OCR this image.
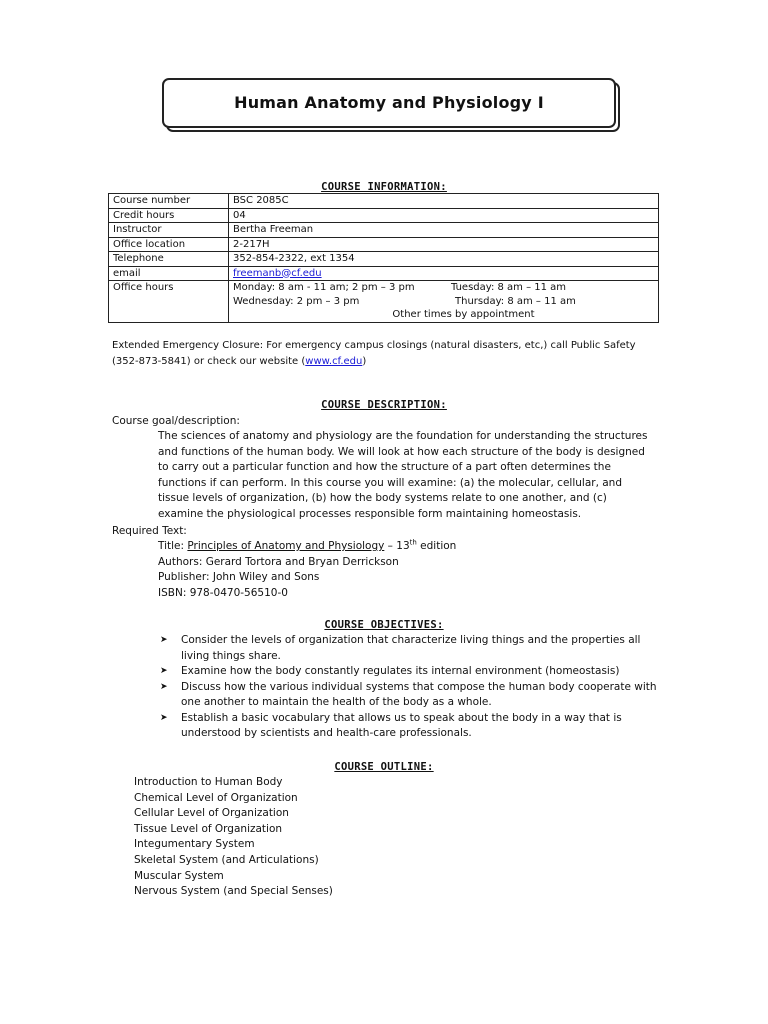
Human Anatomy and Physiology I
COURSE INFORMATION:
Course number	BSC 2085C
Credit hours	04
Instructor	Bertha Freeman
Office location	2-217H
Telephone	352-854-2322, ext 1354
email	freemanb@cf.edu
Office hours	Monday: 8 am - 11 am; 2 pm – 3 pm Tuesday: 8 am – 11 am
Wednesday: 2 pm – 3 pm Thursday: 8 am – 11 am
Other times by appointment
Extended Emergency Closure: For emergency campus closings (natural disasters, etc,) call Public Safety (352-873-5841) or check our website (www.cf.edu)
COURSE DESCRIPTION:
Course goal/description:
The sciences of anatomy and physiology are the foundation for understanding the structures and functions of the human body. We will look at how each structure of the body is designed to carry out a particular function and how the structure of a part often determines the functions if can perform. In this course you will examine: (a) the molecular, cellular, and tissue levels of organization, (b) how the body systems relate to one another, and (c) examine the physiological processes responsible form maintaining homeostasis.
Required Text:
Title: Principles of Anatomy and Physiology – 13th edition
Authors: Gerard Tortora and Bryan Derrickson
Publisher: John Wiley and Sons
ISBN: 978-0470-56510-0
COURSE OBJECTIVES:
➤	Consider the levels of organization that characterize living things and the properties all living things share.
➤	Examine how the body constantly regulates its internal environment (homeostasis)
➤	Discuss how the various individual systems that compose the human body cooperate with one another to maintain the health of the body as a whole.
➤	Establish a basic vocabulary that allows us to speak about the body in a way that is understood by scientists and health-care professionals.
COURSE OUTLINE:
Introduction to Human Body
Chemical Level of Organization
Cellular Level of Organization
Tissue Level of Organization
Integumentary System
Skeletal System (and Articulations)
Muscular System
Nervous System (and Special Senses)
